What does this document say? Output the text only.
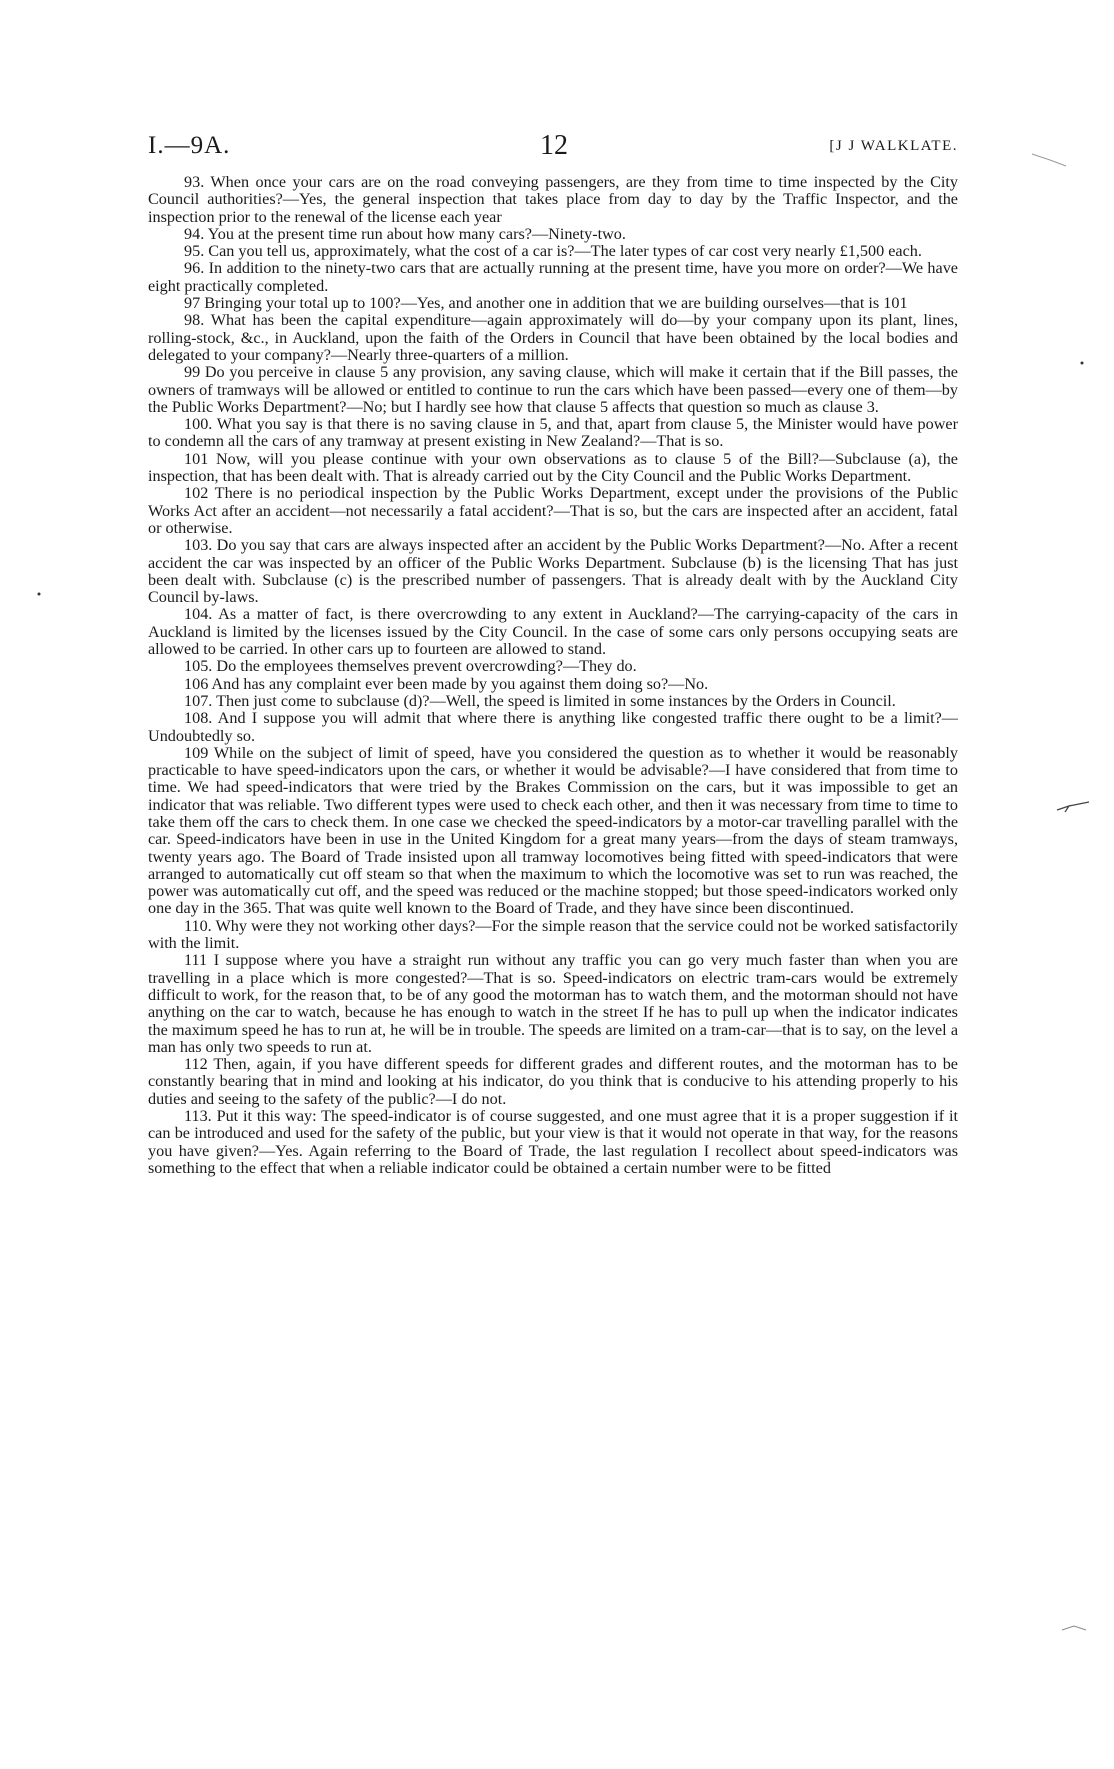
I.—9A.	12	[J J WALKLATE.

93. When once your cars are on the road conveying passengers, are they from time to time inspected by the City Council authorities?—Yes, the general inspection that takes place from day to day by the Traffic Inspector, and the inspection prior to the renewal of the license each year

94. You at the present time run about how many cars?—Ninety-two.

95. Can you tell us, approximately, what the cost of a car is?—The later types of car cost very nearly £1,500 each.

96. In addition to the ninety-two cars that are actually running at the present time, have you more on order?—We have eight practically completed.

97 Bringing your total up to 100?—Yes, and another one in addition that we are building ourselves—that is 101

98. What has been the capital expenditure—again approximately will do—by your company upon its plant, lines, rolling-stock, &c., in Auckland, upon the faith of the Orders in Council that have been obtained by the local bodies and delegated to your company?—Nearly three-quarters of a million.

99 Do you perceive in clause 5 any provision, any saving clause, which will make it certain that if the Bill passes, the owners of tramways will be allowed or entitled to continue to run the cars which have been passed—every one of them—by the Public Works Department?—No; but I hardly see how that clause 5 affects that question so much as clause 3.

100. What you say is that there is no saving clause in 5, and that, apart from clause 5, the Minister would have power to condemn all the cars of any tramway at present existing in New Zealand?—That is so.

101 Now, will you please continue with your own observations as to clause 5 of the Bill?—Subclause (a), the inspection, that has been dealt with. That is already carried out by the City Council and the Public Works Department.

102 There is no periodical inspection by the Public Works Department, except under the provisions of the Public Works Act after an accident—not necessarily a fatal accident?—That is so, but the cars are inspected after an accident, fatal or otherwise.

103. Do you say that cars are always inspected after an accident by the Public Works Department?—No. After a recent accident the car was inspected by an officer of the Public Works Department. Subclause (b) is the licensing That has just been dealt with. Subclause (c) is the prescribed number of passengers. That is already dealt with by the Auckland City Council by-laws.

104. As a matter of fact, is there overcrowding to any extent in Auckland?—The carrying-capacity of the cars in Auckland is limited by the licenses issued by the City Council. In the case of some cars only persons occupying seats are allowed to be carried. In other cars up to fourteen are allowed to stand.

105. Do the employees themselves prevent overcrowding?—They do.

106 And has any complaint ever been made by you against them doing so?—No.

107. Then just come to subclause (d)?—Well, the speed is limited in some instances by the Orders in Council.

108. And I suppose you will admit that where there is anything like congested traffic there ought to be a limit?—Undoubtedly so.

109 While on the subject of limit of speed, have you considered the question as to whether it would be reasonably practicable to have speed-indicators upon the cars, or whether it would be advisable?—I have considered that from time to time. We had speed-indicators that were tried by the Brakes Commission on the cars, but it was impossible to get an indicator that was reliable. Two different types were used to check each other, and then it was necessary from time to time to take them off the cars to check them. In one case we checked the speed-indicators by a motor-car travelling parallel with the car. Speed-indicators have been in use in the United Kingdom for a great many years—from the days of steam tramways, twenty years ago. The Board of Trade insisted upon all tramway locomotives being fitted with speed-indicators that were arranged to automatically cut off steam so that when the maximum to which the locomotive was set to run was reached, the power was automatically cut off, and the speed was reduced or the machine stopped; but those speed-indicators worked only one day in the 365. That was quite well known to the Board of Trade, and they have since been discontinued.

110. Why were they not working other days?—For the simple reason that the service could not be worked satisfactorily with the limit.

111 I suppose where you have a straight run without any traffic you can go very much faster than when you are travelling in a place which is more congested?—That is so. Speed-indicators on electric tram-cars would be extremely difficult to work, for the reason that, to be of any good the motorman has to watch them, and the motorman should not have anything on the car to watch, because he has enough to watch in the street If he has to pull up when the indicator indicates the maximum speed he has to run at, he will be in trouble. The speeds are limited on a tram-car—that is to say, on the level a man has only two speeds to run at.

112 Then, again, if you have different speeds for different grades and different routes, and the motorman has to be constantly bearing that in mind and looking at his indicator, do you think that is conducive to his attending properly to his duties and seeing to the safety of the public?—I do not.

113. Put it this way: The speed-indicator is of course suggested, and one must agree that it is a proper suggestion if it can be introduced and used for the safety of the public, but your view is that it would not operate in that way, for the reasons you have given?—Yes. Again referring to the Board of Trade, the last regulation I recollect about speed-indicators was something to the effect that when a reliable indicator could be obtained a certain number were to be fitted
